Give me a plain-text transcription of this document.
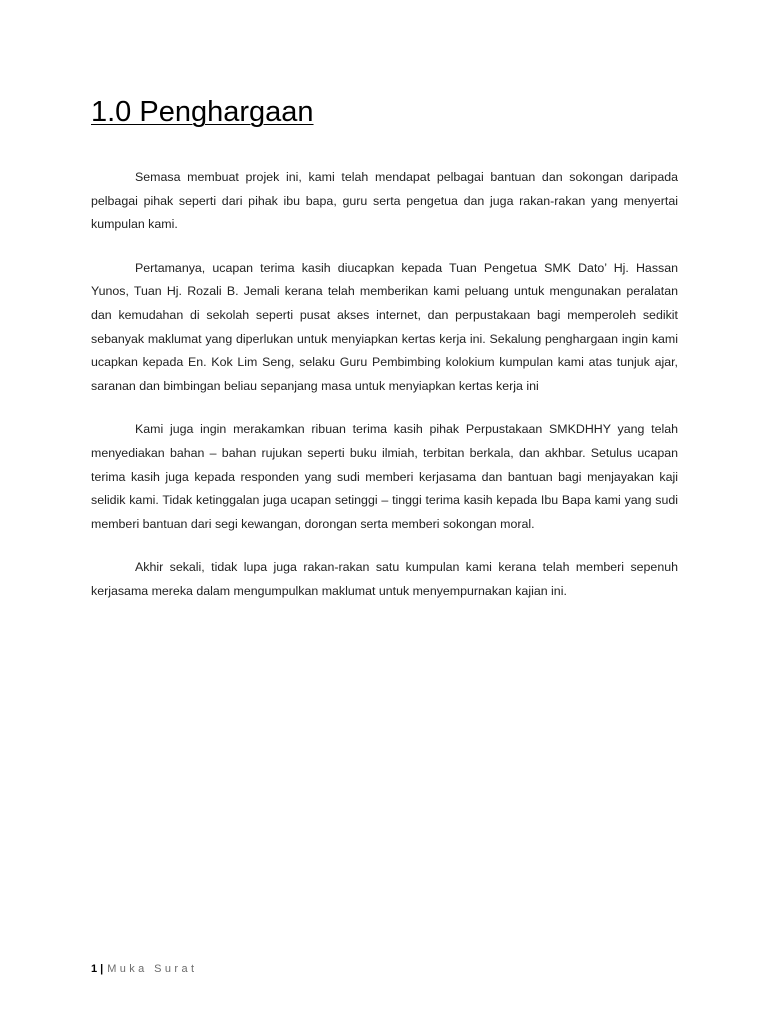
1.0 Penghargaan

Semasa membuat projek ini, kami telah mendapat pelbagai bantuan dan sokongan daripada pelbagai pihak seperti dari pihak ibu bapa, guru serta pengetua dan juga rakan-rakan yang menyertai kumpulan kami.

Pertamanya, ucapan terima kasih diucapkan kepada Tuan Pengetua SMK Dato’ Hj. Hassan Yunos, Tuan Hj. Rozali B. Jemali kerana telah memberikan kami peluang untuk mengunakan peralatan dan kemudahan di sekolah seperti pusat akses internet, dan perpustakaan bagi memperoleh sedikit sebanyak maklumat yang diperlukan untuk menyiapkan kertas kerja ini. Sekalung penghargaan ingin kami ucapkan kepada En. Kok Lim Seng, selaku Guru Pembimbing kolokium kumpulan kami atas tunjuk ajar, saranan dan bimbingan beliau sepanjang masa untuk menyiapkan kertas kerja ini

Kami juga ingin merakamkan ribuan terima kasih pihak Perpustakaan SMKDHHY yang telah menyediakan bahan – bahan rujukan seperti buku ilmiah, terbitan berkala, dan akhbar. Setulus ucapan terima kasih juga kepada responden yang sudi memberi kerjasama dan bantuan bagi menjayakan kaji selidik kami. Tidak ketinggalan juga ucapan setinggi – tinggi terima kasih kepada Ibu Bapa kami yang sudi memberi bantuan dari segi kewangan, dorongan serta memberi sokongan moral.

Akhir sekali, tidak lupa juga rakan-rakan satu kumpulan kami kerana telah memberi sepenuh kerjasama mereka dalam mengumpulkan maklumat untuk menyempurnakan kajian ini.

1 | Muka Surat
